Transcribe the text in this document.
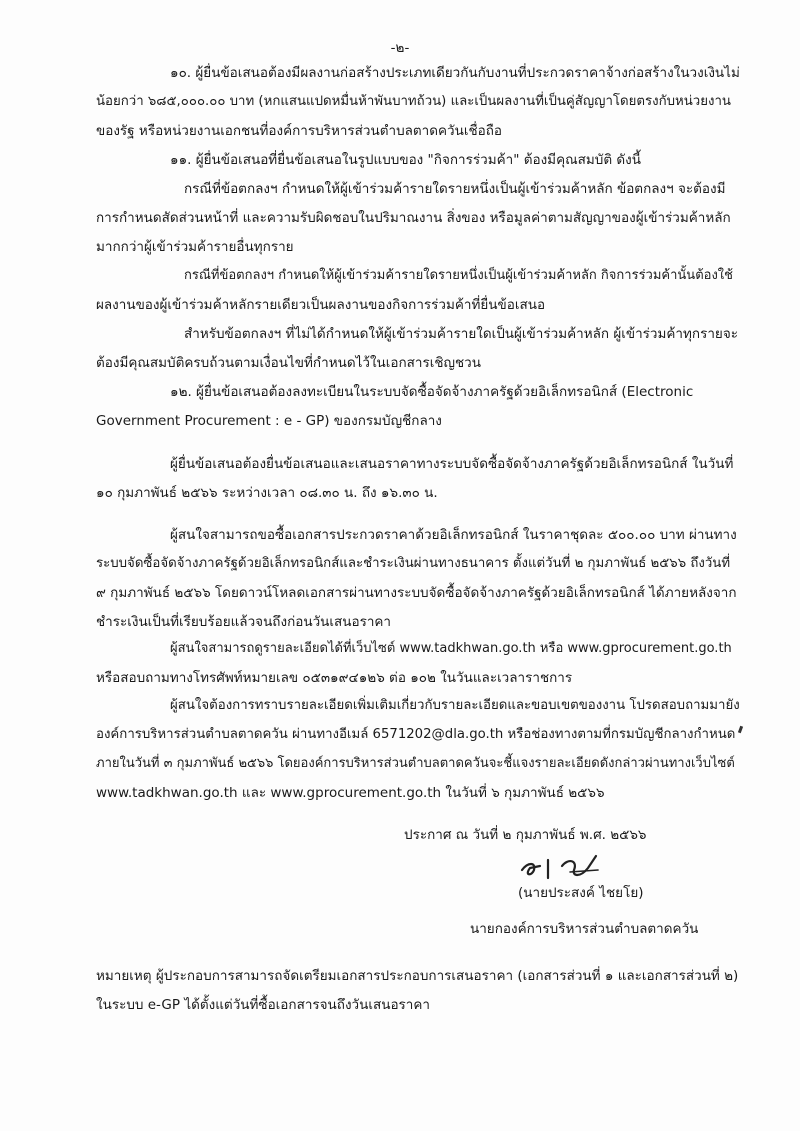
-๒-
๑๐. ผู้ยื่นข้อเสนอต้องมีผลงานก่อสร้างประเภทเดียวกันกับงานที่ประกวดราคาจ้างก่อสร้างในวงเงินไม่
น้อยกว่า ๖๘๕,๐๐๐.๐๐ บาท (หกแสนแปดหมื่นห้าพันบาทถ้วน) และเป็นผลงานที่เป็นคู่สัญญาโดยตรงกับหน่วยงาน
ของรัฐ หรือหน่วยงานเอกชนที่องค์การบริหารส่วนตำบลตาดควันเชื่อถือ
๑๑. ผู้ยื่นข้อเสนอที่ยื่นข้อเสนอในรูปแบบของ "กิจการร่วมค้า" ต้องมีคุณสมบัติ ดังนี้
กรณีที่ข้อตกลงฯ กำหนดให้ผู้เข้าร่วมค้ารายใดรายหนึ่งเป็นผู้เข้าร่วมค้าหลัก ข้อตกลงฯ จะต้องมี
การกำหนดสัดส่วนหน้าที่ และความรับผิดชอบในปริมาณงาน สิ่งของ หรือมูลค่าตามสัญญาของผู้เข้าร่วมค้าหลัก
มากกว่าผู้เข้าร่วมค้ารายอื่นทุกราย
กรณีที่ข้อตกลงฯ กำหนดให้ผู้เข้าร่วมค้ารายใดรายหนึ่งเป็นผู้เข้าร่วมค้าหลัก กิจการร่วมค้านั้นต้องใช้
ผลงานของผู้เข้าร่วมค้าหลักรายเดียวเป็นผลงานของกิจการร่วมค้าที่ยื่นข้อเสนอ
สำหรับข้อตกลงฯ ที่ไม่ได้กำหนดให้ผู้เข้าร่วมค้ารายใดเป็นผู้เข้าร่วมค้าหลัก ผู้เข้าร่วมค้าทุกรายจะ
ต้องมีคุณสมบัติครบถ้วนตามเงื่อนไขที่กำหนดไว้ในเอกสารเชิญชวน
๑๒. ผู้ยื่นข้อเสนอต้องลงทะเบียนในระบบจัดซื้อจัดจ้างภาครัฐด้วยอิเล็กทรอนิกส์ (Electronic
Government Procurement : e - GP) ของกรมบัญชีกลาง
ผู้ยื่นข้อเสนอต้องยื่นข้อเสนอและเสนอราคาทางระบบจัดซื้อจัดจ้างภาครัฐด้วยอิเล็กทรอนิกส์ ในวันที่
๑๐ กุมภาพันธ์ ๒๕๖๖ ระหว่างเวลา ๐๘.๓๐ น. ถึง ๑๖.๓๐ น.
ผู้สนใจสามารถขอซื้อเอกสารประกวดราคาด้วยอิเล็กทรอนิกส์ ในราคาชุดละ ๕๐๐.๐๐ บาท ผ่านทาง
ระบบจัดซื้อจัดจ้างภาครัฐด้วยอิเล็กทรอนิกส์และชำระเงินผ่านทางธนาคาร ตั้งแต่วันที่ ๒ กุมภาพันธ์ ๒๕๖๖ ถึงวันที่
๙ กุมภาพันธ์ ๒๕๖๖ โดยดาวน์โหลดเอกสารผ่านทางระบบจัดซื้อจัดจ้างภาครัฐด้วยอิเล็กทรอนิกส์ ได้ภายหลังจาก
ชำระเงินเป็นที่เรียบร้อยแล้วจนถึงก่อนวันเสนอราคา
ผู้สนใจสามารถดูรายละเอียดได้ที่เว็บไซต์ www.tadkhwan.go.th หรือ www.gprocurement.go.th
หรือสอบถามทางโทรศัพท์หมายเลข ๐๕๓๑๙๔๑๒๖ ต่อ ๑๐๒ ในวันและเวลาราชการ
ผู้สนใจต้องการทราบรายละเอียดเพิ่มเติมเกี่ยวกับรายละเอียดและขอบเขตของงาน โปรดสอบถามมายัง
องค์การบริหารส่วนตำบลตาดควัน ผ่านทางอีเมล์ 6571202@dla.go.th หรือช่องทางตามที่กรมบัญชีกลางกำหนด
ภายในวันที่ ๓ กุมภาพันธ์ ๒๕๖๖ โดยองค์การบริหารส่วนตำบลตาดควันจะชี้แจงรายละเอียดดังกล่าวผ่านทางเว็บไซต์
www.tadkhwan.go.th และ www.gprocurement.go.th ในวันที่ ๖ กุมภาพันธ์ ๒๕๖๖
ประกาศ ณ วันที่ ๒ กุมภาพันธ์ พ.ศ. ๒๕๖๖
(นายประสงค์ ไชยโย)
นายกองค์การบริหารส่วนตำบลตาดควัน
หมายเหตุ ผู้ประกอบการสามารถจัดเตรียมเอกสารประกอบการเสนอราคา (เอกสารส่วนที่ ๑ และเอกสารส่วนที่ ๒)
ในระบบ e-GP ได้ตั้งแต่วันที่ซื้อเอกสารจนถึงวันเสนอราคา
